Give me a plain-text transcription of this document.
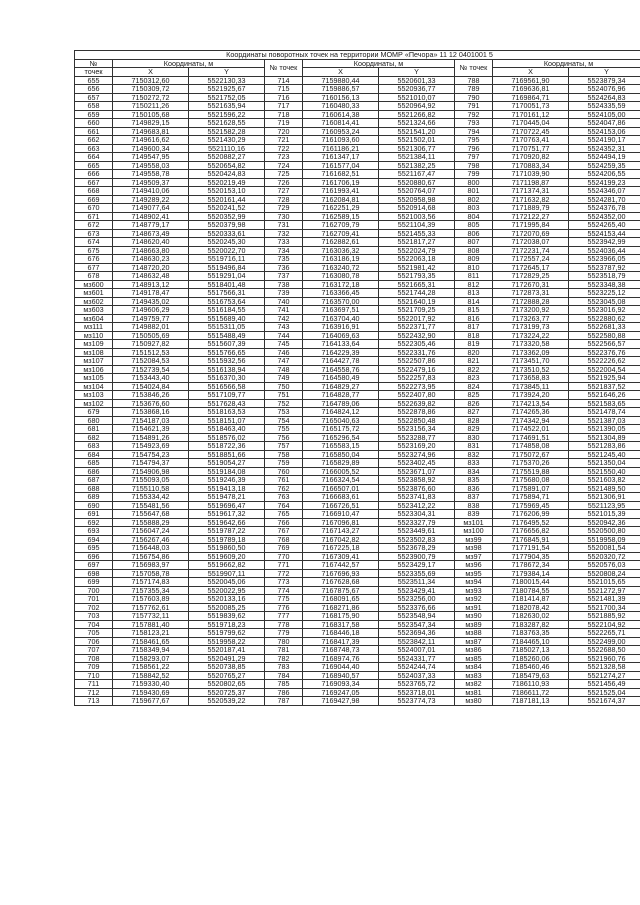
Координаты поворотных точек на территории МОМР «Печора» 11 12 0401001 5								
№	Координаты, м		№ точек	Координаты, м		№ точек	Координаты, м	
точек	X	Y		X	Y		X	Y
655	7150312,60	5522130,33	714	7159880,44	5520601,33	788	7169561,90	5523879,34
656	7150309,72	5521925,67	715	7159886,57	5520936,77	789	7169636,81	5524076,96
657	7150272,72	5521752,05	716	7160156,13	5521010,07	790	7169864,71	5524264,83
658	7150211,26	5521635,94	717	7160480,33	5520964,92	791	7170051,73	5524335,59
659	7150105,68	5521596,22	718	7160614,38	5521266,82	792	7170161,12	5524105,00
660	7149829,15	5521628,55	719	7160814,41	5521324,66	793	7170445,04	5524047,86
661	7149683,81	5521582,28	720	7160953,24	5521541,20	794	7170722,45	5524153,06
662	7149616,62	5521430,29	721	7161093,60	5521502,01	795	7170763,41	5524190,17
663	7149600,34	5521110,16	722	7161186,21	5521306,77	796	7170751,77	5524352,31
664	7149547,95	5520882,27	723	7161347,17	5521384,11	797	7170920,82	5524494,19
665	7149558,03	5520654,82	724	7161577,04	5521382,25	798	7170883,34	5524259,35
666	7149558,78	5520424,83	725	7161682,51	5521167,47	799	7171039,90	5524206,55
667	7149509,37	5520219,49	726	7161706,19	5520880,67	800	7171198,87	5524199,23
668	7149410,06	5520153,10	727	7161993,41	5520764,07	801	7171374,31	5524346,07
669	7149289,22	5520161,44	728	7162084,81	5520958,98	802	7171632,82	5524281,70
670	7149077,64	5520241,52	729	7162251,29	5520914,68	803	7171889,79	5524376,78
671	7148902,41	5520352,99	730	7162589,15	5521003,56	804	7172122,27	5524352,00
672	7148779,17	5520379,98	731	7162709,79	5521104,39	805	7171995,84	5524265,40
673	7148673,49	5520333,61	732	7162709,41	5521455,33	806	7172070,69	5524153,44
674	7148620,40	5520245,30	733	7162882,61	5521817,27	807	7172038,07	5523942,99
675	7148663,80	5520022,70	734	7163036,32	5522024,79	808	7172231,74	5524036,44
676	7148630,23	5519716,11	735	7163186,19	5522063,18	809	7172557,24	5523966,05
677	7148720,20	5519496,84	736	7163240,72	5521981,42	810	7172645,17	5523787,92
678	7148632,48	5519291,04	737	7163080,78	5521793,35	811	7172829,25	5523518,79
мз600	7148913,12	5518401,48	738	7163172,18	5521665,31	812	7172670,31	5523348,38
мз601	7149178,47	5517566,31	739	7163366,45	5521744,28	813	7172873,31	5523225,12
мз602	7149435,02	5516753,64	740	7163570,00	5521640,19	814	7172888,28	5523045,08
мз603	7149606,29	5516184,55	741	7163697,51	5521709,25	815	7173200,92	5523016,92
мз604	7149759,77	5515689,40	742	7163704,40	5522017,92	816	7173263,77	5522880,62
мз111	7149882,01	5515311,05	743	7163916,91	5522371,77	817	7173199,73	5522681,33
мз110	7150505,69	5515488,49	744	7164069,63	5522432,90	818	7173224,22	5522580,88
мз109	7150927,82	5515607,39	745	7164133,64	5522305,46	819	7173320,58	5522566,57
мз108	7151512,53	5515766,65	746	7164229,39	5522331,76	820	7173362,09	5522376,76
мз107	7152084,53	5515932,56	747	7164427,78	5522507,86	821	7173451,70	5522226,62
мз106	7152739,54	5516138,94	748	7164558,76	5522479,16	822	7173510,52	5522004,54
мз105	7153443,40	5516370,30	749	7164580,49	5522257,83	823	7173658,83	5521925,94
мз104	7154024,84	5516566,58	750	7164829,27	5522273,95	824	7173845,11	5521837,52
мз103	7153846,26	5517109,77	751	7164828,77	5522407,80	825	7173924,20	5521646,26
мз102	7153676,60	5517628,43	752	7164789,06	5522639,82	826	7174213,54	5521583,65
679	7153868,16	5518163,53	753	7164824,12	5522878,86	827	7174265,36	5521478,74
680	7154187,03	5518151,07	754	7165040,63	5522850,48	828	7174342,94	5521387,03
681	7154621,39	5518463,40	755	7165175,72	5523156,34	829	7174522,01	5521390,05
682	7154891,26	5518576,02	756	7165296,54	5523288,77	830	7174691,51	5521304,89
683	7154923,69	5518722,36	757	7165583,15	5523169,20	831	7174858,08	5521283,86
684	7154754,23	5518851,66	758	7165850,04	5523274,96	832	7175072,67	5521245,40
685	7154794,37	5519054,27	759	7165829,89	5523402,45	833	7175370,26	5521350,04
686	7154906,98	5519184,08	760	7166005,52	5523671,07	834	7175519,88	5521550,40
687	7155093,05	5519246,39	761	7166324,54	5523858,92	835	7175680,08	5521603,82
688	7155110,58	5519413,18	762	7166507,01	5523876,60	836	7175891,07	5521489,50
689	7155334,42	5519478,21	763	7166683,61	5523741,83	837	7175894,71	5521306,91
690	7155481,56	5519696,47	764	7166726,51	5523412,22	838	7175969,45	5521123,95
691	7155647,68	5519617,32	765	7166910,47	5523304,31	839	7176206,99	5521015,39
692	7155888,29	5519642,66	766	7167096,81	5523327,79	мз101	7176495,52	5520942,36
693	7156047,24	5519787,22	767	7167143,27	5523449,61	мз100	7176656,82	5520500,80
694	7156267,46	5519789,18	768	7167042,82	5523502,83	мз99	7176845,91	5519958,09
695	7156448,03	5519860,50	769	7167225,18	5523678,29	мз98	7177191,54	5520081,54
696	7156754,86	5519609,20	770	7167309,41	5523900,79	мз97	7177904,35	5520320,72
697	7156983,97	5519662,82	771	7167442,57	5523429,17	мз96	7178672,34	5520576,03
698	7157058,78	5519907,11	772	7167696,93	5523355,69	мз95	7179384,14	5520808,24
699	7157174,83	5520045,06	773	7167628,68	5523511,34	мз94	7180015,44	5521015,65
700	7157355,34	5520022,95	774	7167875,67	5523429,41	мз93	7180784,55	5521272,97
701	7157603,89	5520133,16	775	7168091,65	5523256,00	мз92	7181414,87	5521481,39
702	7157762,61	5520085,25	776	7168271,86	5523376,66	мз91	7182078,42	5521700,34
703	7157732,11	5519839,62	777	7168175,90	5523548,94	мз90	7182630,02	5521885,92
704	7157881,40	5519718,23	778	7168317,58	5523547,34	мз89	7183287,82	5522104,92
705	7158123,21	5519799,62	779	7168446,18	5523694,36	мз88	7183763,35	5522265,71
706	7158461,65	5519958,22	780	7168417,39	5523842,11	мз87	7184465,10	5522499,00
707	7158349,94	5520187,41	781	7168748,73	5524007,01	мз86	7185027,13	5522688,50
708	7158293,07	5520491,29	782	7168974,76	5524331,77	мз85	7185260,06	5521960,76
709	7158561,22	5520738,85	783	7169044,40	5524244,74	мз84	7185460,46	5521328,58
710	7158842,52	5520765,27	784	7168940,57	5524037,33	мз83	7185479,63	5521274,27
711	7159330,40	5520802,65	785	7169093,34	5523765,72	мз82	7186110,93	5521456,49
712	7159430,69	5520725,37	786	7169247,05	5523718,01	мз81	7186611,72	5521525,04
713	7159677,67	5520539,22	787	7169427,98	5523774,73	мз80	7187181,13	5521674,37
